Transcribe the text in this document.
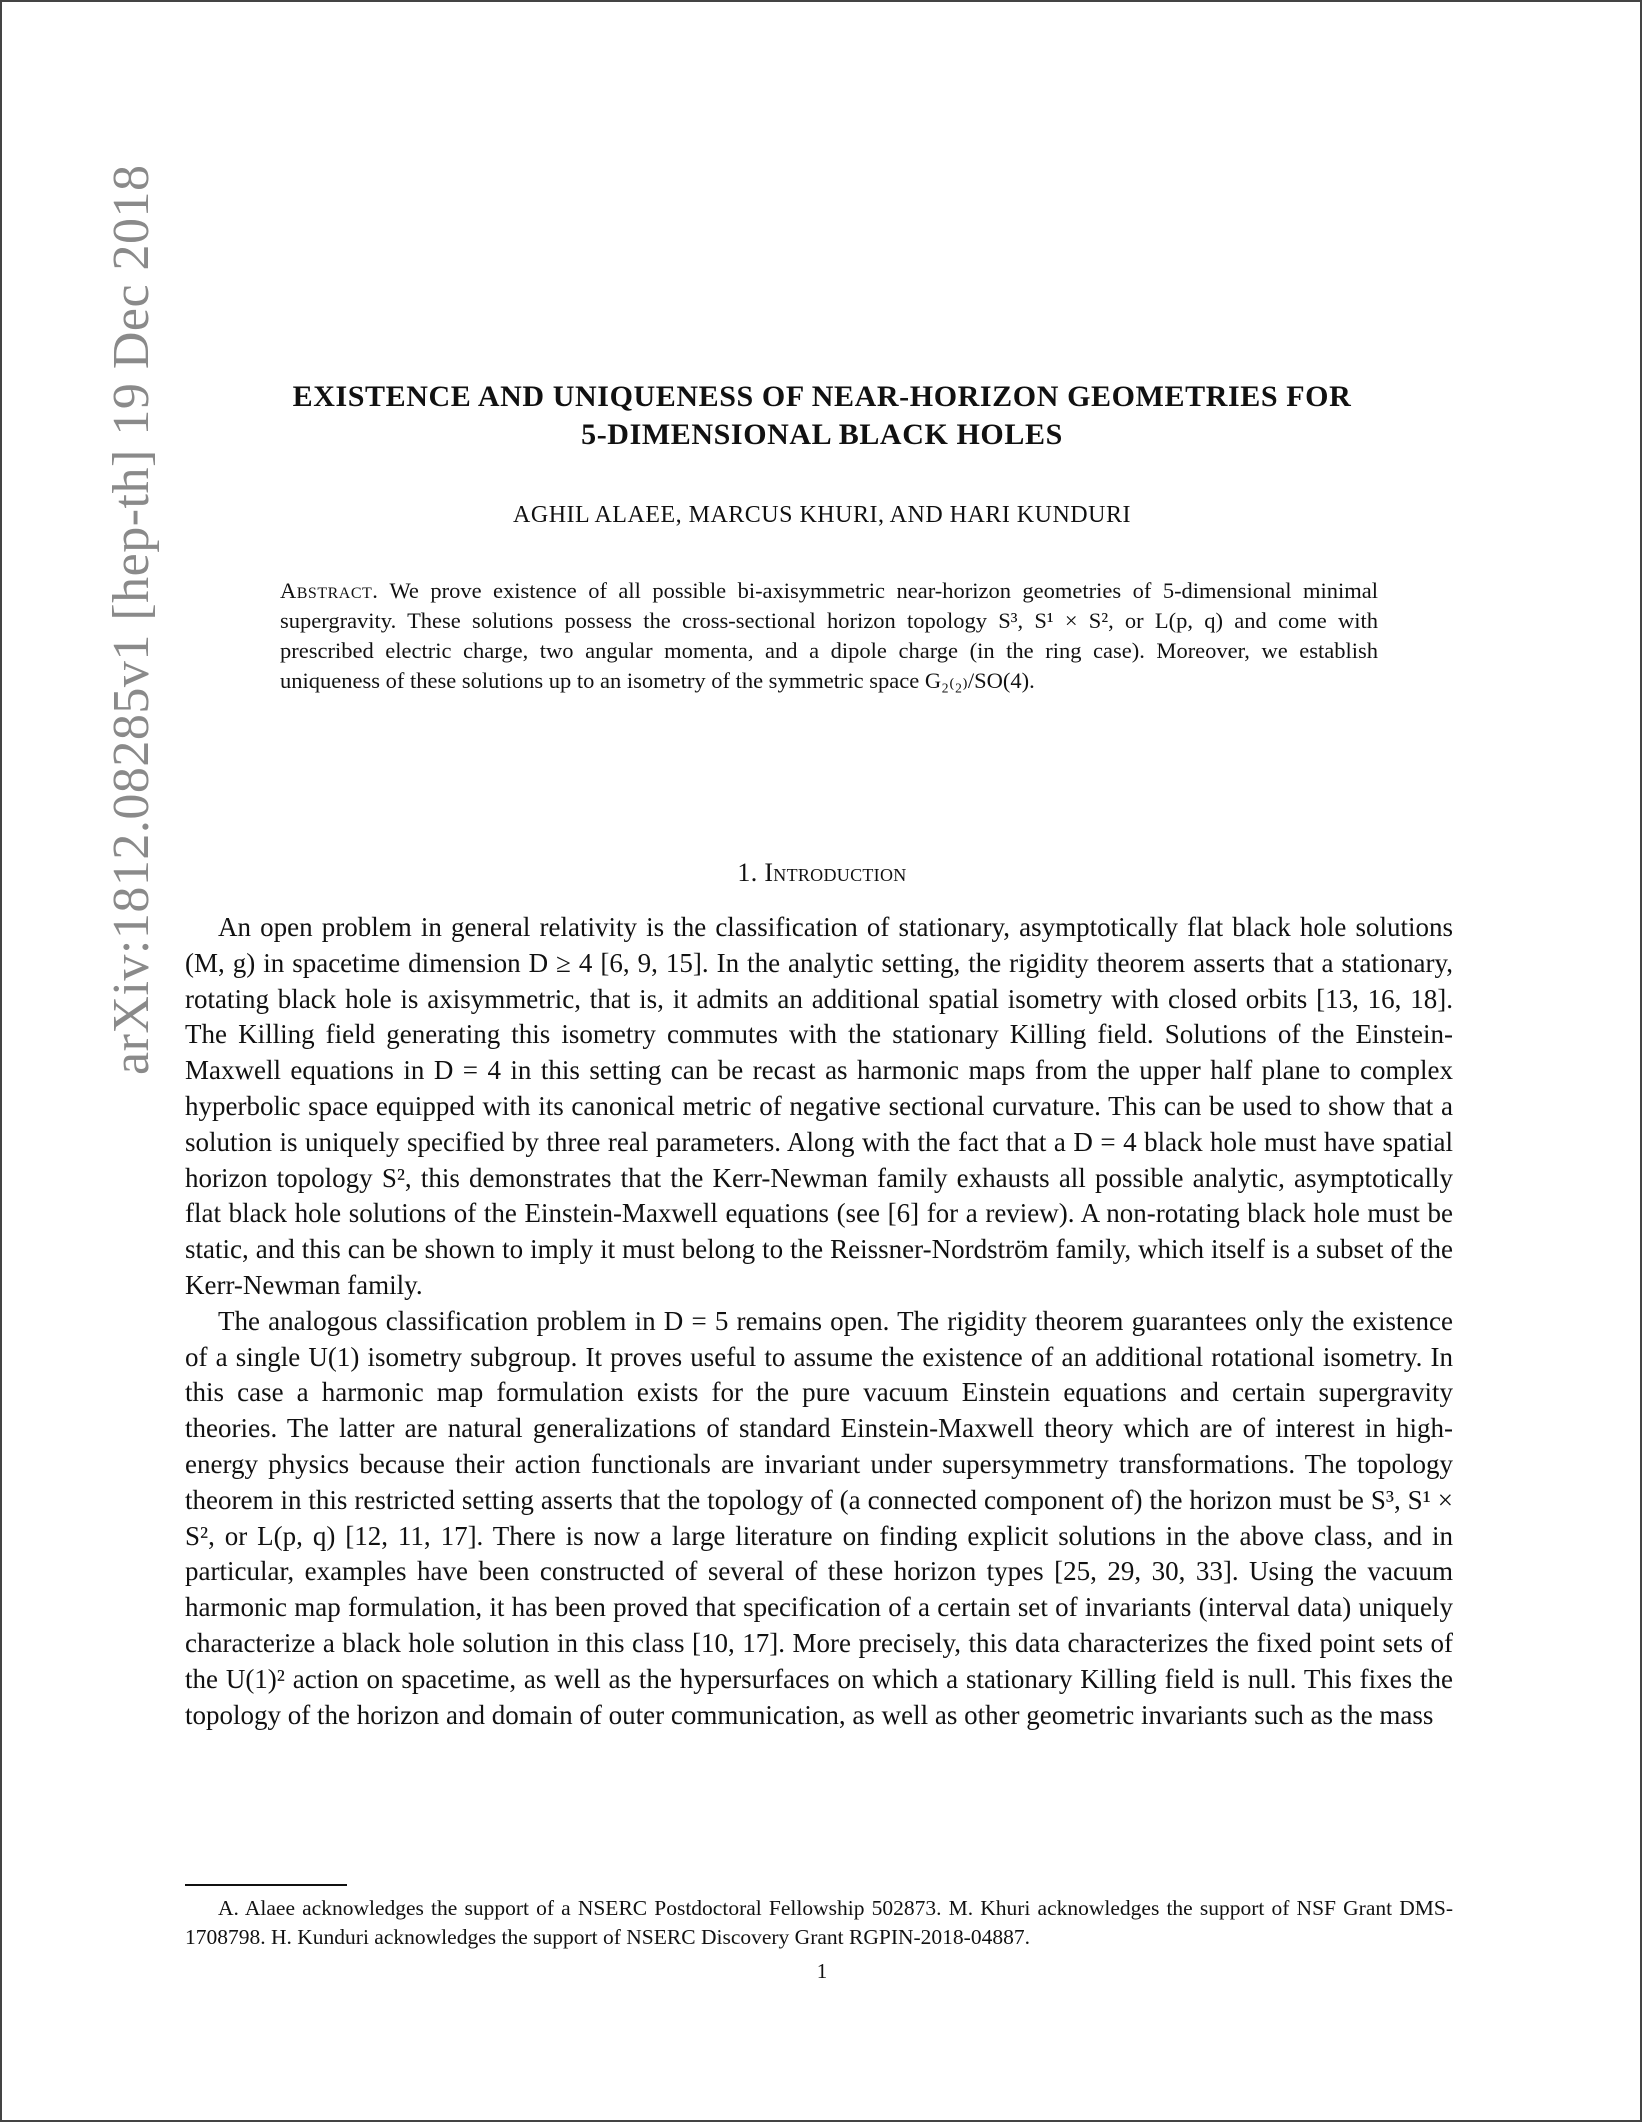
arXiv:1812.08285v1 [hep-th] 19 Dec 2018	EXISTENCE AND UNIQUENESS OF NEAR-HORIZON GEOMETRIES FOR
5-DIMENSIONAL BLACK HOLES
AGHIL ALAEE, MARCUS KHURI, AND HARI KUNDURI
Abstract. We prove existence of all possible bi-axisymmetric near-horizon geometries of 5-dimensional minimal supergravity. These solutions possess the cross-sectional horizon topology S³, S¹ × S², or L(p, q) and come with prescribed electric charge, two angular momenta, and a dipole charge (in the ring case). Moreover, we establish uniqueness of these solutions up to an isometry of the symmetric space G₂₍₂₎/SO(4).
1. Introduction

An open problem in general relativity is the classification of stationary, asymptotically flat black hole solutions (M, g) in spacetime dimension D ≥ 4 [6, 9, 15]. In the analytic setting, the rigidity theorem asserts that a stationary, rotating black hole is axisymmetric, that is, it admits an additional spatial isometry with closed orbits [13, 16, 18]. The Killing field generating this isometry commutes with the stationary Killing field. Solutions of the Einstein-Maxwell equations in D = 4 in this setting can be recast as harmonic maps from the upper half plane to complex hyperbolic space equipped with its canonical metric of negative sectional curvature. This can be used to show that a solution is uniquely specified by three real parameters. Along with the fact that a D = 4 black hole must have spatial horizon topology S², this demonstrates that the Kerr-Newman family exhausts all possible analytic, asymptotically flat black hole solutions of the Einstein-Maxwell equations (see [6] for a review). A non-rotating black hole must be static, and this can be shown to imply it must belong to the Reissner-Nordström family, which itself is a subset of the Kerr-Newman family.

The analogous classification problem in D = 5 remains open. The rigidity theorem guarantees only the existence of a single U(1) isometry subgroup. It proves useful to assume the existence of an additional rotational isometry. In this case a harmonic map formulation exists for the pure vacuum Einstein equations and certain supergravity theories. The latter are natural generalizations of standard Einstein-Maxwell theory which are of interest in high-energy physics because their action functionals are invariant under supersymmetry transformations. The topology theorem in this restricted setting asserts that the topology of (a connected component of) the horizon must be S³, S¹ × S², or L(p, q) [12, 11, 17]. There is now a large literature on finding explicit solutions in the above class, and in particular, examples have been constructed of several of these horizon types [25, 29, 30, 33]. Using the vacuum harmonic map formulation, it has been proved that specification of a certain set of invariants (interval data) uniquely characterize a black hole solution in this class [10, 17]. More precisely, this data characterizes the fixed point sets of the U(1)² action on spacetime, as well as the hypersurfaces on which a stationary Killing field is null. This fixes the topology of the horizon and domain of outer communication, as well as other geometric invariants such as the mass

A. Alaee acknowledges the support of a NSERC Postdoctoral Fellowship 502873. M. Khuri acknowledges the support of NSF Grant DMS-1708798. H. Kunduri acknowledges the support of NSERC Discovery Grant RGPIN-2018-04887.
1
